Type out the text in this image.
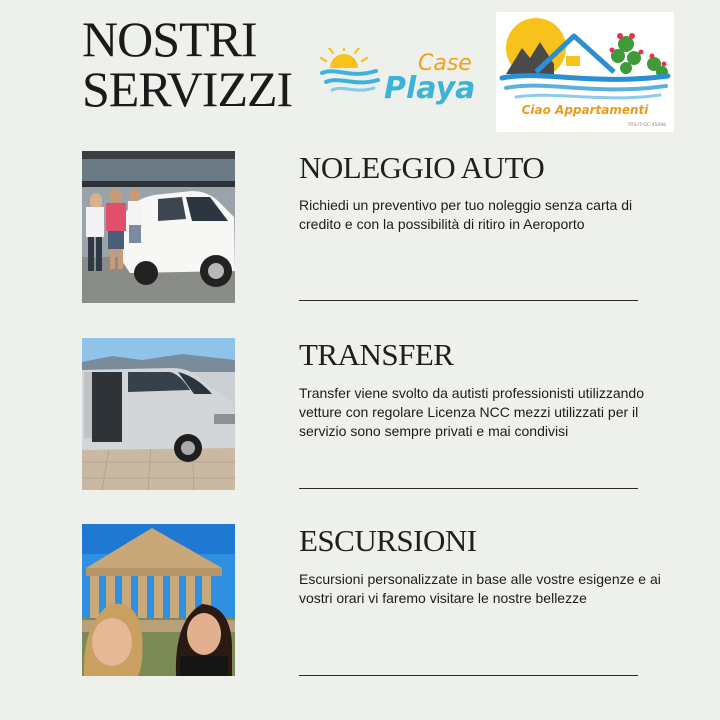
NOSTRI
SERVIZZI	Case
Playa
Ciao Appartamenti
TRS-IT-QC-45698
NOLEGGIO AUTO

Richiedi un preventivo per tuo noleggio senza carta di credito e con la possibilità di ritiro in Aeroporto

TRANSFER

Transfer viene svolto da autisti professionisti utilizzando vetture con regolare Licenza NCC mezzi utilizzati per il servizio sono sempre privati e mai condivisi

ESCURSIONI

Escursioni personalizzate in base alle vostre esigenze e ai vostri orari vi faremo visitare le nostre bellezze
